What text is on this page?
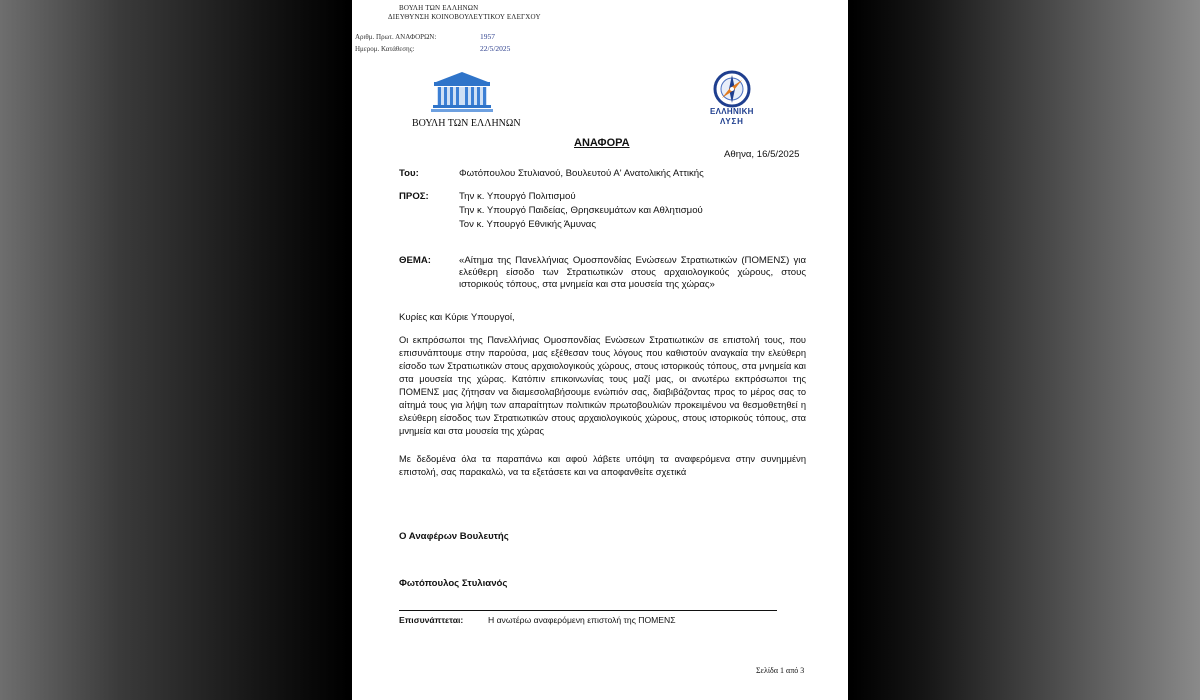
ΒΟΥΛΗ ΤΩΝ ΕΛΛΗΝΩΝ
ΔΙΕΥΘΥΝΣΗ ΚΟΙΝΟΒΟΥΛΕΥΤΙΚΟΥ ΕΛΕΓΧΟΥ
Αριθμ. Πρωτ. ΑΝΑΦΟΡΩΝ:	1957
Ημερομ. Κατάθεσης:	22/5/2025
ΒΟΥΛΗ ΤΩΝ ΕΛΛΗΝΩΝ
ΕΛΛΗΝΙΚΗ
ΛΥΣΗ
ΑΝΑΦΟΡΑ
Αθηνα, 16/5/2025
Του:	Φωτόπουλου Στυλιανού, Βουλευτού Α' Ανατολικής Αττικής
ΠΡΟΣ:	Την κ. Υπουργό Πολιτισμού
Την κ. Υπουργό Παιδείας, Θρησκευμάτων και Αθλητισμού
Τον κ. Υπουργό Εθνικής Άμυνας
ΘΕΜΑ:	«Αίτημα της Πανελλήνιας Ομοσπονδίας Ενώσεων Στρατιωτικών (ΠΟΜΕΝΣ) για
ελεύθερη είσοδο των Στρατιωτικών στους αρχαιολογικούς χώρους, στους
ιστορικούς τόπους, στα μνημεία και στα μουσεία της χώρας»
Κυρίες και Κύριε Υπουργοί,
Οι εκπρόσωποι της Πανελλήνιας Ομοσπονδίας Ενώσεων Στρατιωτικών σε επιστολή τους, που επισυνάπτουμε στην παρούσα, μας εξέθεσαν τους λόγους που καθιστούν αναγκαία την ελεύθερη είσοδο των Στρατιωτικών στους αρχαιολογικούς χώρους, στους ιστορικούς τόπους, στα μνημεία και στα μουσεία της χώρας. Κατόπιν επικοινωνίας τους μαζί μας, οι ανωτέρω εκπρόσωποι της ΠΟΜΕΝΣ μας ζήτησαν να διαμεσολαβήσουμε ενώπιόν σας, διαβιβάζοντας προς το μέρος σας το αίτημά τους για λήψη των απαραίτητων πολιτικών πρωτοβουλιών προκειμένου να θεσμοθετηθεί η ελεύθερη είσοδος των Στρατιωτικών στους αρχαιολογικούς χώρους, στους ιστορικούς τόπους, στα μνημεία και στα μουσεία της χώρας
Με δεδομένα όλα τα παραπάνω και αφού λάβετε υπόψη τα αναφερόμενα στην συνημμένη επιστολή, σας παρακαλώ, να τα εξετάσετε και να αποφανθείτε σχετικά
Ο Αναφέρων Βουλευτής
Φωτόπουλος Στυλιανός
Επισυνάπτεται:	Η ανωτέρω αναφερόμενη επιστολή της ΠΟΜΕΝΣ
Σελίδα 1 από 3
